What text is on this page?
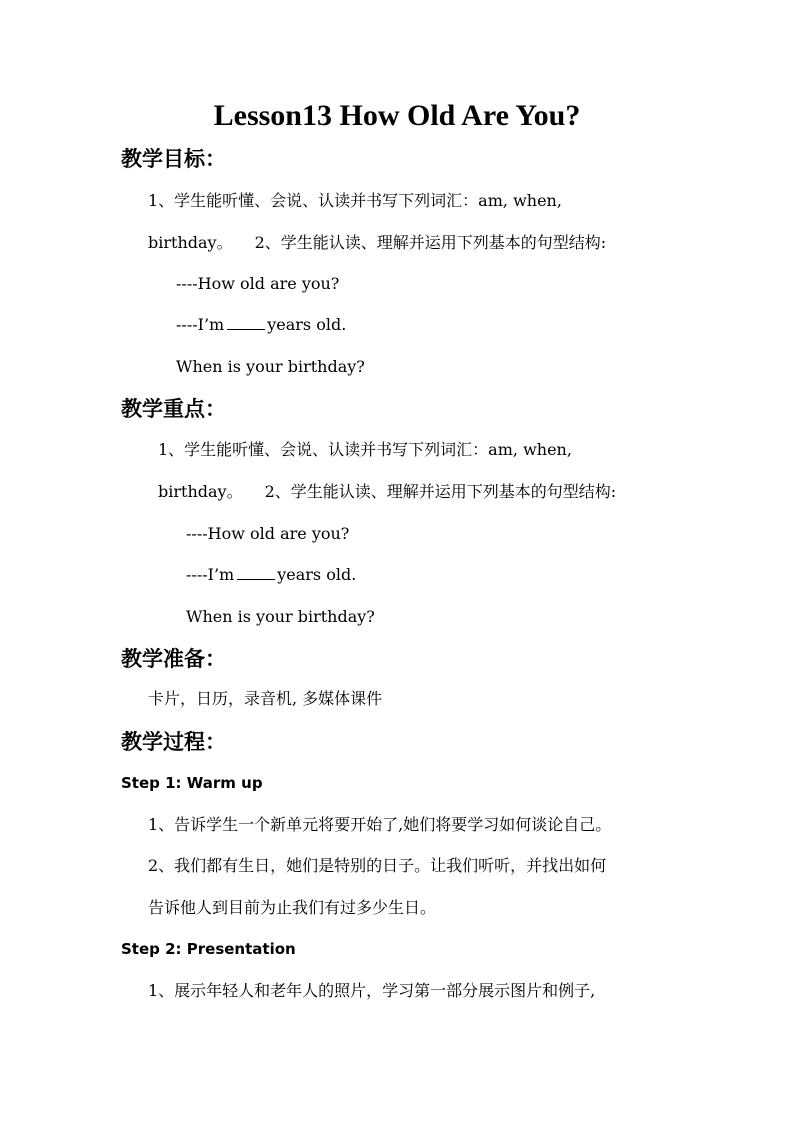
Lesson13 How Old Are You?
教学目标：
1、学生能听懂、会说、认读并书写下列词汇：am, when,
birthday。 2、学生能认读、理解并运用下列基本的句型结构:
----How old are you?
----I’m	years old.
When is your birthday?
教学重点：
1、学生能听懂、会说、认读并书写下列词汇：am, when,
birthday。 2、学生能认读、理解并运用下列基本的句型结构:
----How old are you?
----I’m	years old.
When is your birthday?
教学准备：
卡片，日历，录音机, 多媒体课件
教学过程：
Step 1: Warm up
1、告诉学生一个新单元将要开始了,她们将要学习如何谈论自己。
2、我们都有生日，她们是特别的日子。让我们听听，并找出如何
告诉他人到目前为止我们有过多少生日。
Step 2: Presentation
1、展示年轻人和老年人的照片，学习第一部分展示图片和例子,
